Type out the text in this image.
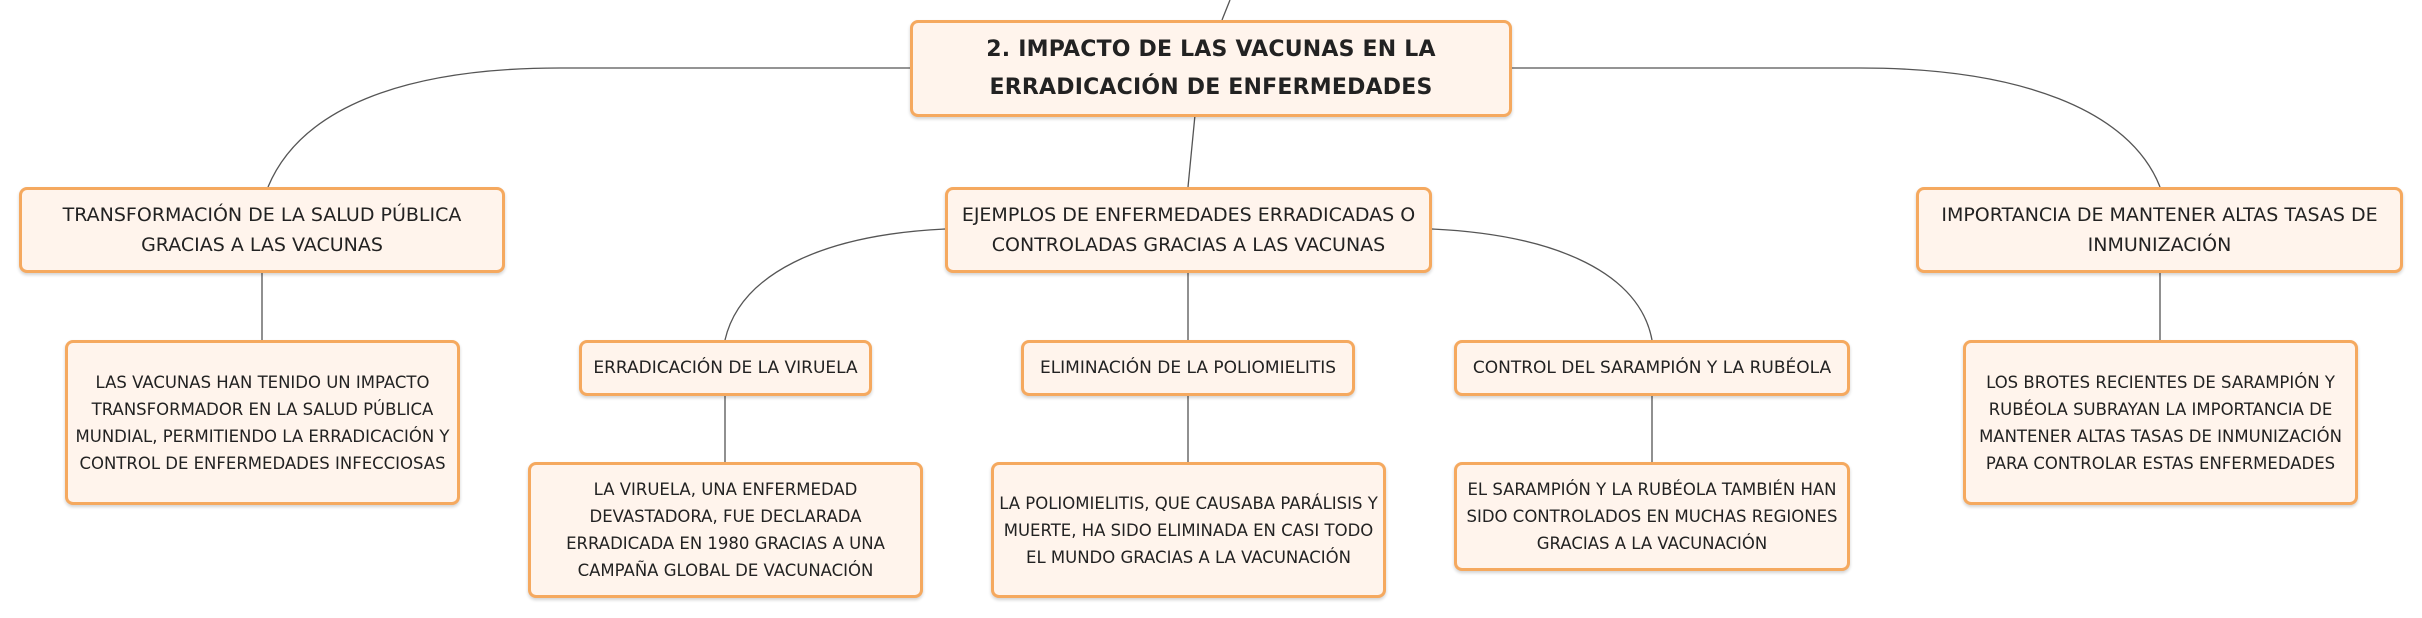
2. IMPACTO DE LAS VACUNAS EN LA ERRADICACIÓN DE ENFERMEDADES
TRANSFORMACIÓN DE LA SALUD PÚBLICA GRACIAS A LAS VACUNAS
EJEMPLOS DE ENFERMEDADES ERRADICADAS O CONTROLADAS GRACIAS A LAS VACUNAS
IMPORTANCIA DE MANTENER ALTAS TASAS DE INMUNIZACIÓN
LAS VACUNAS HAN TENIDO UN IMPACTO TRANSFORMADOR EN LA SALUD PÚBLICA MUNDIAL, PERMITIENDO LA ERRADICACIÓN Y CONTROL DE ENFERMEDADES INFECCIOSAS
ERRADICACIÓN DE LA VIRUELA	ELIMINACIÓN DE LA POLIOMIELITIS	CONTROL DEL SARAMPIÓN Y LA RUBÉOLA
LA VIRUELA, UNA ENFERMEDAD DEVASTADORA, FUE DECLARADA ERRADICADA EN 1980 GRACIAS A UNA CAMPAÑA GLOBAL DE VACUNACIÓN
LA POLIOMIELITIS, QUE CAUSABA PARÁLISIS Y MUERTE, HA SIDO ELIMINADA EN CASI TODO EL MUNDO GRACIAS A LA VACUNACIÓN
EL SARAMPIÓN Y LA RUBÉOLA TAMBIÉN HAN SIDO CONTROLADOS EN MUCHAS REGIONES GRACIAS A LA VACUNACIÓN
LOS BROTES RECIENTES DE SARAMPIÓN Y RUBÉOLA SUBRAYAN LA IMPORTANCIA DE MANTENER ALTAS TASAS DE INMUNIZACIÓN PARA CONTROLAR ESTAS ENFERMEDADES
